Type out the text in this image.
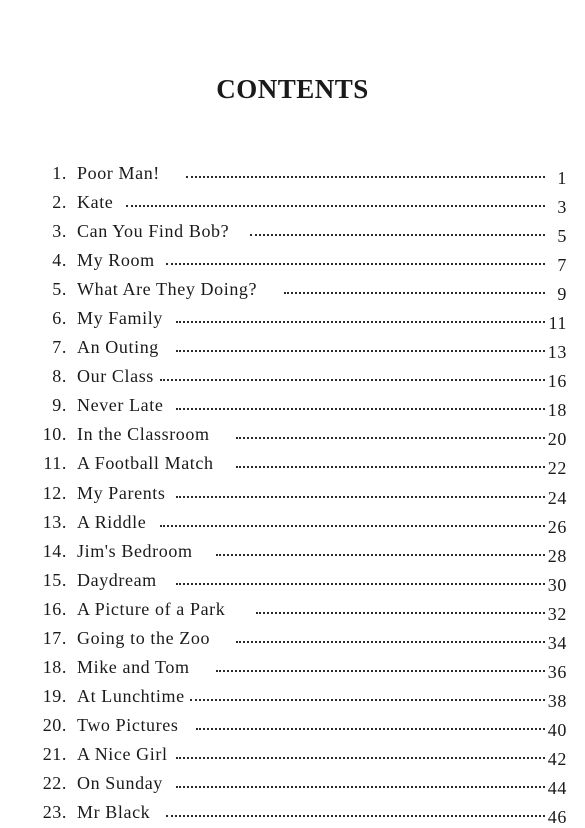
CONTENTS
1. Poor Man!	1
2. Kate	3
3. Can You Find Bob?	5
4. My Room	7
5. What Are They Doing?	9
6. My Family	11
7. An Outing	13
8. Our Class	16
9. Never Late	18
10. In the Classroom	20
11. A Football Match	22
12. My Parents	24
13. A Riddle	26
14. Jim's Bedroom	28
15. Daydream	30
16. A Picture of a Park	32
17. Going to the Zoo	34
18. Mike and Tom	36
19. At Lunchtime	38
20. Two Pictures	40
21. A Nice Girl	42
22. On Sunday	44
23. Mr Black	46
